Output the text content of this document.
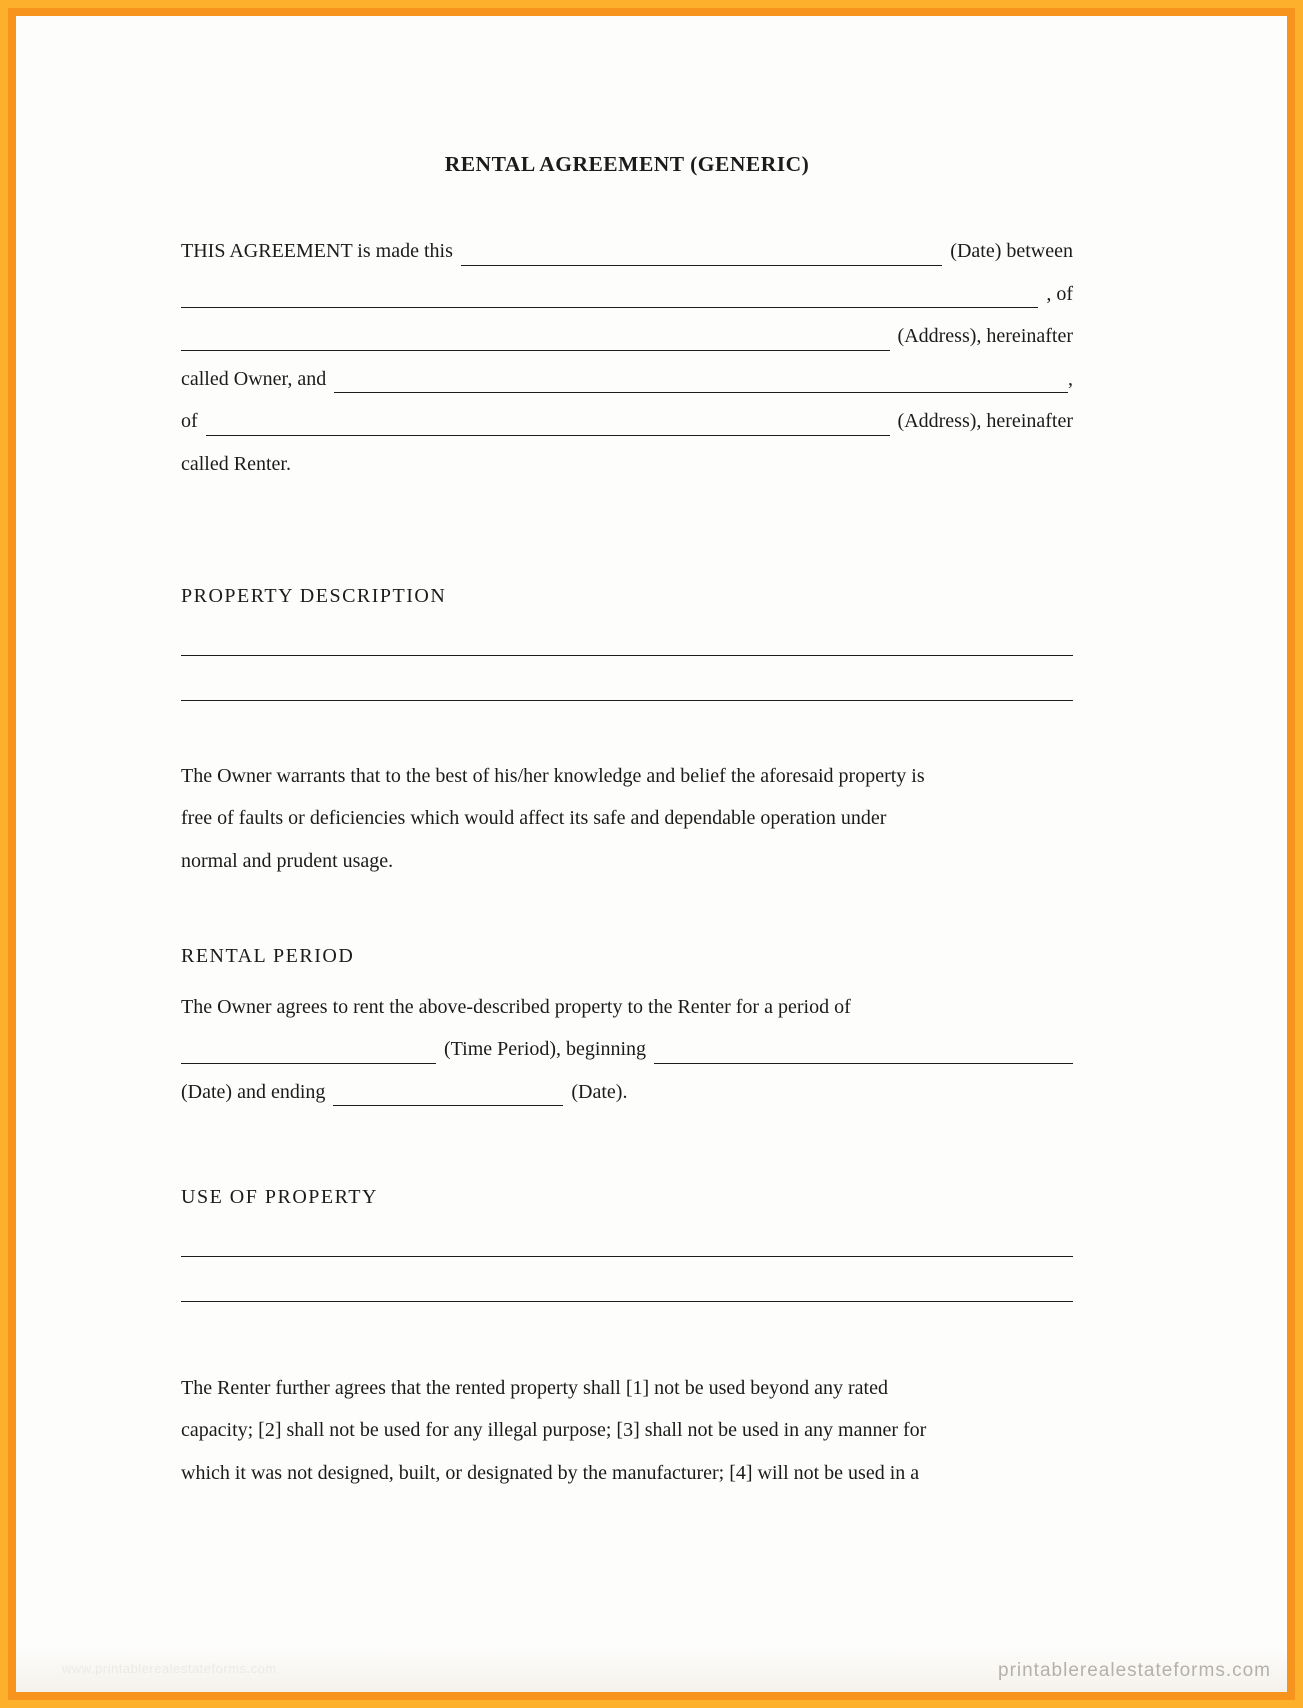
RENTAL AGREEMENT (GENERIC)
THIS AGREEMENT is made this	(Date) between
, of
(Address), hereinafter
called Owner, and	,
of	(Address), hereinafter
called Renter.
PROPERTY DESCRIPTION
The Owner warrants that to the best of his/her knowledge and belief the aforesaid property is
free of faults or deficiencies which would affect its safe and dependable operation under
normal and prudent usage.
RENTAL PERIOD
The Owner agrees to rent the above-described property to the Renter for a period of
(Time Period), beginning
(Date) and ending	(Date).
USE OF PROPERTY
The Renter further agrees that the rented property shall [1] not be used beyond any rated
capacity; [2] shall not be used for any illegal purpose; [3] shall not be used in any manner for
which it was not designed, built, or designated by the manufacturer; [4] will not be used in a
www.printablerealestateforms.com	printablerealestateforms.com
